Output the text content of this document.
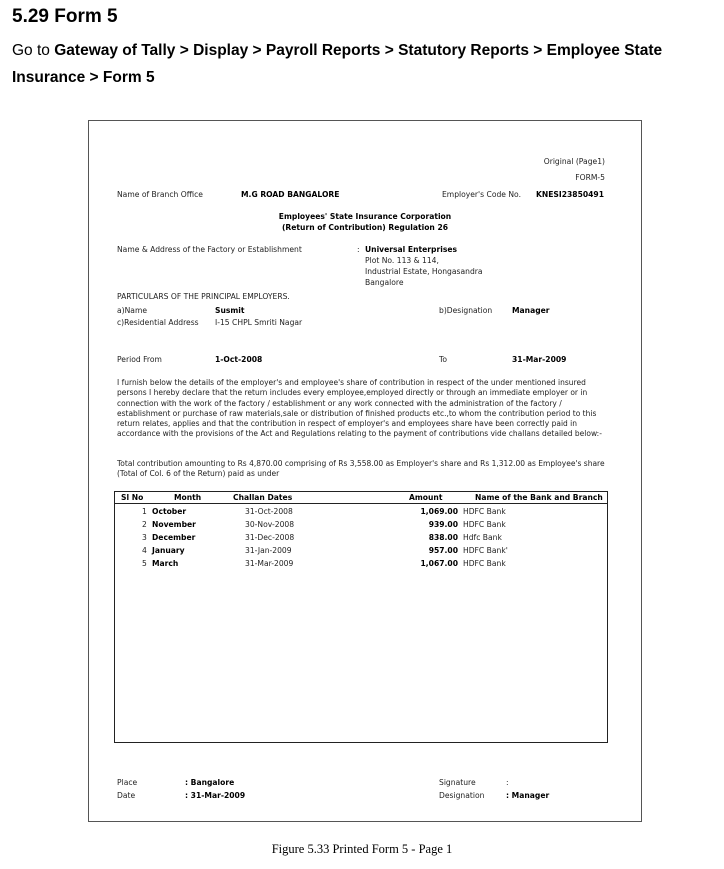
5.29 Form 5
Go to Gateway of Tally > Display > Payroll Reports > Statutory Reports > Employee State Insurance > Form 5
Original (Page1)
FORM-5
Name of Branch Office	M.G ROAD BANGALORE	Employer's Code No. KNESI23850491
Employees' State Insurance Corporation
(Return of Contribution) Regulation 26
Name & Address of the Factory or Establishment	: Universal Enterprises
Plot No. 113 & 114,
Industrial Estate, Hongasandra
Bangalore
PARTICULARS OF THE PRINCIPAL EMPLOYERS.
a)Name	Susmit	b)Designation	Manager
c)Residential Address I-15 CHPL Smriti Nagar
Period From	1-Oct-2008	To	31-Mar-2009
I furnish below the details of the employer's and employee's share of contribution in respect of the under mentioned insured persons I hereby declare that the return includes every employee,employed directly or through an immediate employer or in connection with the work of the factory / establishment or any work connected with the administration of the factory / establishment or purchase of raw materials,sale or distribution of finished products etc.,to whom the contribution period to this return relates, applies and that the contribution in respect of employer's and employees share have been correctly paid in accordance with the provisions of the Act and Regulations relating to the payment of contributions vide challans detailed below:-
Total contribution amounting to Rs 4,870.00 comprising of Rs 3,558.00 as Employer's share and Rs 1,312.00 as Employee's share (Total of Col. 6 of the Return) paid as under
Sl No	Month	Challan Dates	Amount	Name of the Bank and Branch
1 October	31-Oct-2008	1,069.00 HDFC Bank
2 November	30-Nov-2008	939.00 HDFC Bank
3 December	31-Dec-2008	838.00 Hdfc Bank
4 January	31-Jan-2009	957.00 HDFC Bank'
5 March	31-Mar-2009	1,067.00 HDFC Bank
Place	: Bangalore
Date	: 31-Mar-2009
Signature	:
Designation	: Manager
Figure 5.33 Printed Form 5 - Page 1
